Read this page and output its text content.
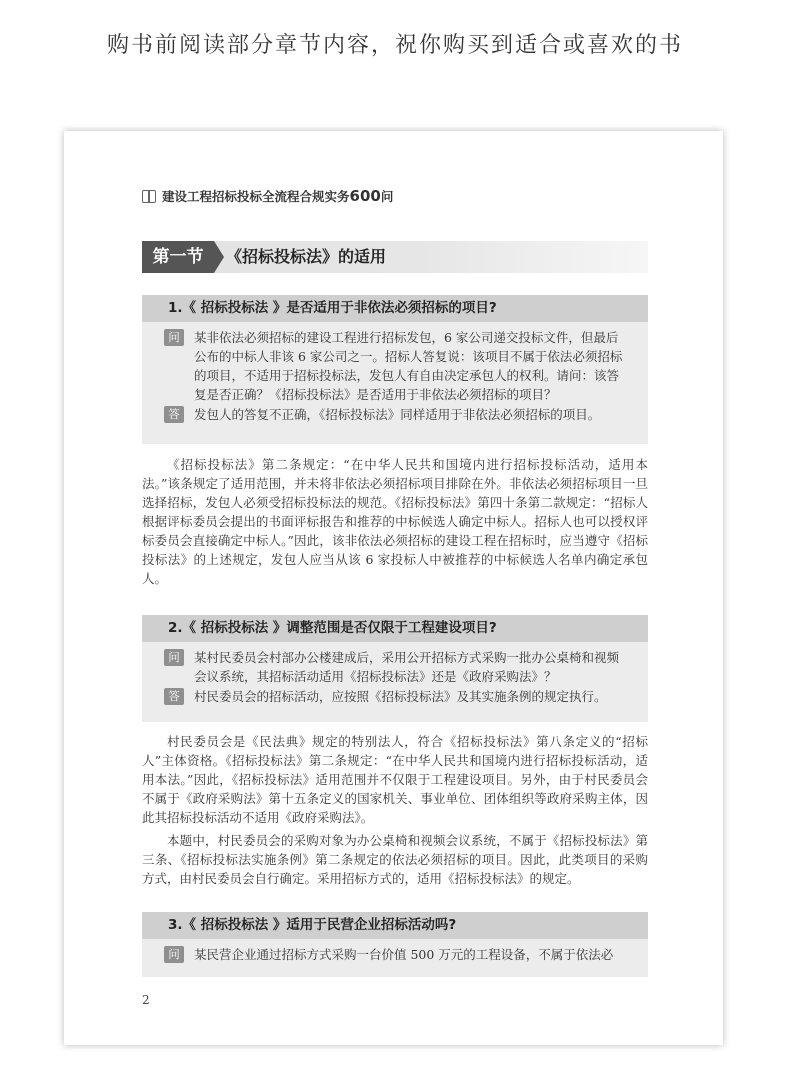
购书前阅读部分章节内容，祝你购买到适合或喜欢的书
建设工程招标投标全流程合规实务600问
第一节	《招标投标法》的适用
1.《 招标投标法 》是否适用于非依法必须招标的项目?
问	某非依法必须招标的建设工程进行招标发包，6 家公司递交投标文件，但最后公布的中标人非该 6 家公司之一。招标人答复说：该项目不属于依法必须招标的项目，不适用于招标投标法，发包人有自由决定承包人的权利。请问：该答复是否正确？《招标投标法》是否适用于非依法必须招标的项目？
答	发包人的答复不正确，《招标投标法》同样适用于非依法必须招标的项目。

《招标投标法》第二条规定：“在中华人民共和国境内进行招标投标活动，适用本法。”该条规定了适用范围，并未将非依法必须招标项目排除在外。非依法必须招标项目一旦选择招标，发包人必须受招标投标法的规范。《招标投标法》第四十条第二款规定：“招标人根据评标委员会提出的书面评标报告和推荐的中标候选人确定中标人。招标人也可以授权评标委员会直接确定中标人。”因此，该非依法必须招标的建设工程在招标时，应当遵守《招标投标法》的上述规定，发包人应当从该 6 家投标人中被推荐的中标候选人名单内确定承包人。

2.《 招标投标法 》调整范围是否仅限于工程建设项目?
问	某村民委员会村部办公楼建成后，采用公开招标方式采购一批办公桌椅和视频会议系统，其招标活动适用《招标投标法》还是《政府采购法》？
答	村民委员会的招标活动，应按照《招标投标法》及其实施条例的规定执行。

村民委员会是《民法典》规定的特别法人，符合《招标投标法》第八条定义的“招标人”主体资格。《招标投标法》第二条规定：“在中华人民共和国境内进行招标投标活动，适用本法。”因此，《招标投标法》适用范围并不仅限于工程建设项目。另外，由于村民委员会不属于《政府采购法》第十五条定义的国家机关、事业单位、团体组织等政府采购主体，因此其招标投标活动不适用《政府采购法》。

本题中，村民委员会的采购对象为办公桌椅和视频会议系统，不属于《招标投标法》第三条、《招标投标法实施条例》第二条规定的依法必须招标的项目。因此，此类项目的采购方式，由村民委员会自行确定。采用招标方式的，适用《招标投标法》的规定。

3.《 招标投标法 》适用于民营企业招标活动吗?
问	某民营企业通过招标方式采购一台价值 500 万元的工程设备，不属于依法必
2
